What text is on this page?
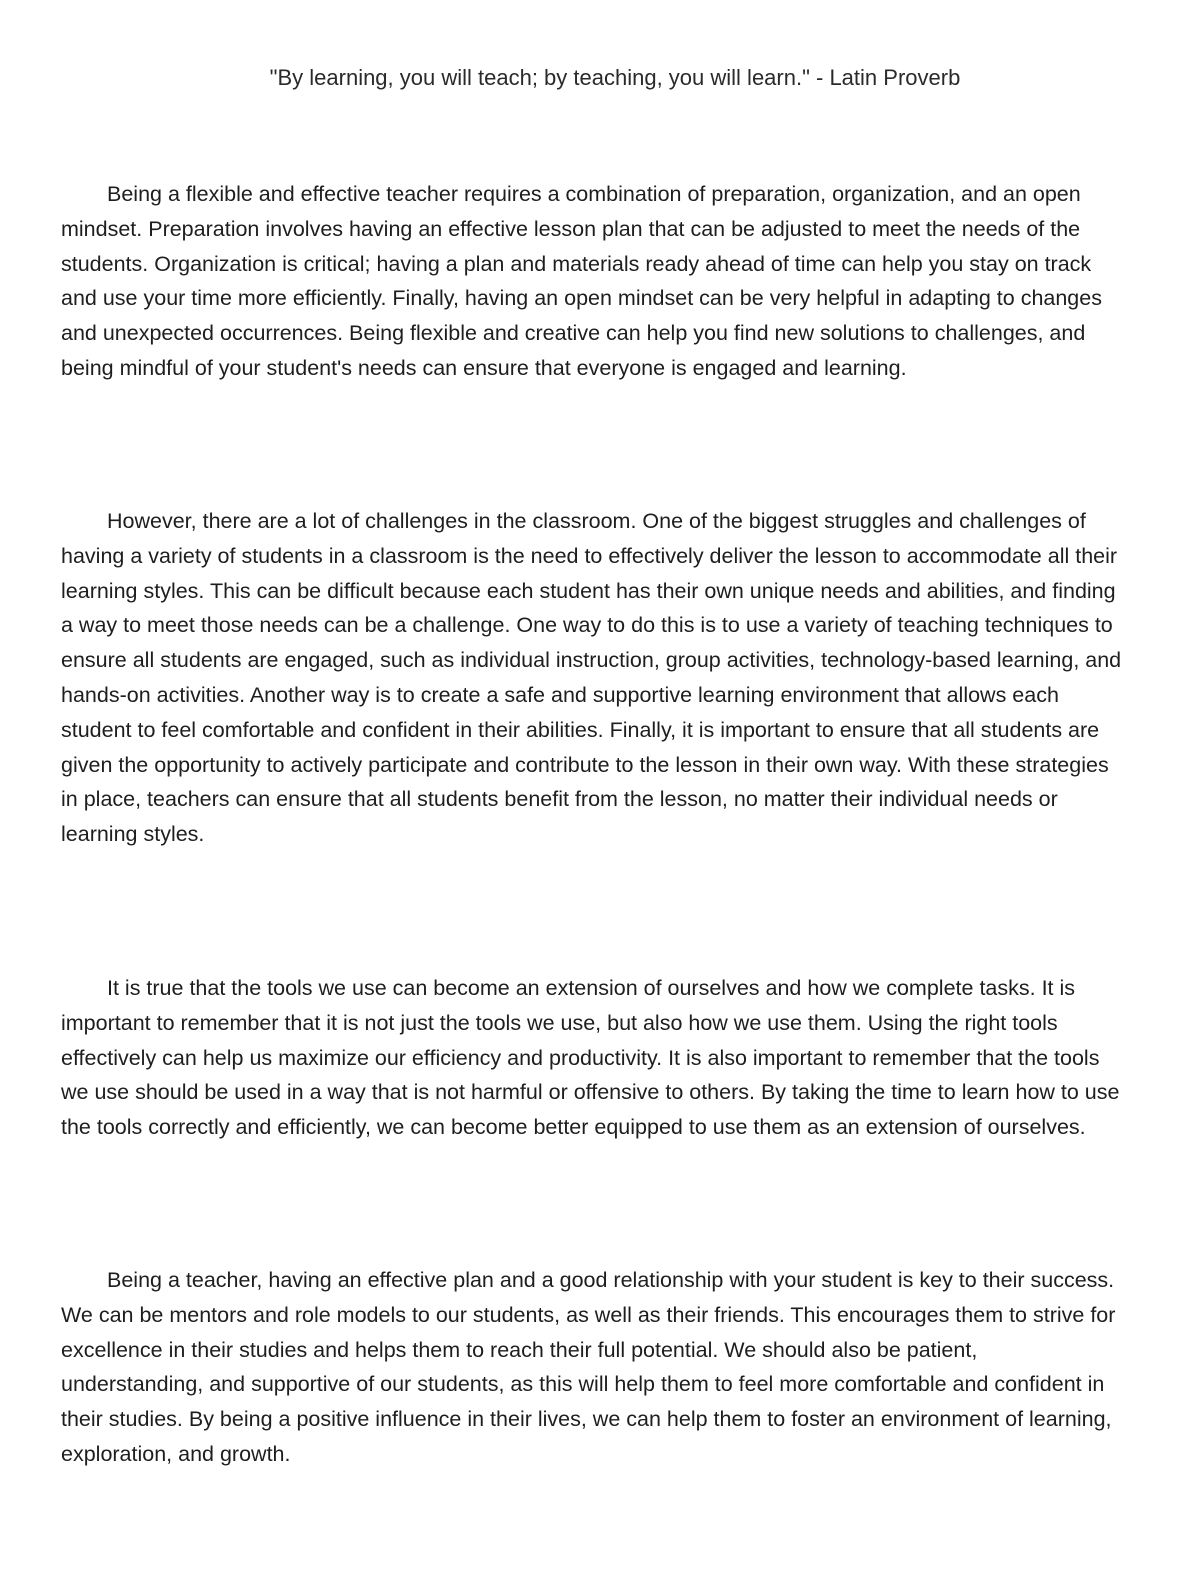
"By learning, you will teach; by teaching, you will learn." - Latin Proverb

Being a flexible and effective teacher requires a combination of preparation, organization, and an open mindset. Preparation involves having an effective lesson plan that can be adjusted to meet the needs of the students. Organization is critical; having a plan and materials ready ahead of time can help you stay on track and use your time more efficiently. Finally, having an open mindset can be very helpful in adapting to changes and unexpected occurrences. Being flexible and creative can help you find new solutions to challenges, and being mindful of your student's needs can ensure that everyone is engaged and learning.

However, there are a lot of challenges in the classroom. One of the biggest struggles and challenges of having a variety of students in a classroom is the need to effectively deliver the lesson to accommodate all their learning styles. This can be difficult because each student has their own unique needs and abilities, and finding a way to meet those needs can be a challenge. One way to do this is to use a variety of teaching techniques to ensure all students are engaged, such as individual instruction, group activities, technology-based learning, and hands-on activities. Another way is to create a safe and supportive learning environment that allows each student to feel comfortable and confident in their abilities. Finally, it is important to ensure that all students are given the opportunity to actively participate and contribute to the lesson in their own way. With these strategies in place, teachers can ensure that all students benefit from the lesson, no matter their individual needs or learning styles.

It is true that the tools we use can become an extension of ourselves and how we complete tasks. It is important to remember that it is not just the tools we use, but also how we use them. Using the right tools effectively can help us maximize our efficiency and productivity. It is also important to remember that the tools we use should be used in a way that is not harmful or offensive to others. By taking the time to learn how to use the tools correctly and efficiently, we can become better equipped to use them as an extension of ourselves.

Being a teacher, having an effective plan and a good relationship with your student is key to their success. We can be mentors and role models to our students, as well as their friends. This encourages them to strive for excellence in their studies and helps them to reach their full potential. We should also be patient, understanding, and supportive of our students, as this will help them to feel more comfortable and confident in their studies. By being a positive influence in their lives, we can help them to foster an environment of learning, exploration, and growth.
